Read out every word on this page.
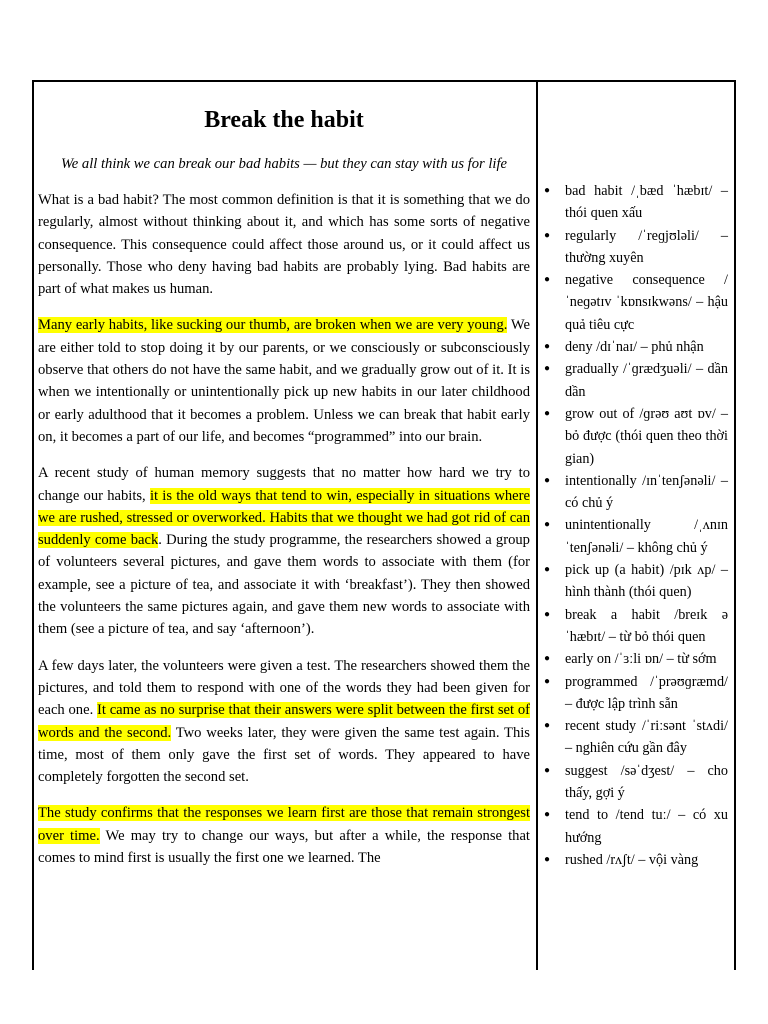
Break the habit
We all think we can break our bad habits — but they can stay with us for life
What is a bad habit? The most common definition is that it is something that we do regularly, almost without thinking about it, and which has some sorts of negative consequence. This consequence could affect those around us, or it could affect us personally. Those who deny having bad habits are probably lying. Bad habits are part of what makes us human.
Many early habits, like sucking our thumb, are broken when we are very young. We are either told to stop doing it by our parents, or we consciously or subconsciously observe that others do not have the same habit, and we gradually grow out of it. It is when we intentionally or unintentionally pick up new habits in our later childhood or early adulthood that it becomes a problem. Unless we can break that habit early on, it becomes a part of our life, and becomes “programmed” into our brain.
A recent study of human memory suggests that no matter how hard we try to change our habits, it is the old ways that tend to win, especially in situations where we are rushed, stressed or overworked. Habits that we thought we had got rid of can suddenly come back. During the study programme, the researchers showed a group of volunteers several pictures, and gave them words to associate with them (for example, see a picture of tea, and associate it with ‘breakfast’). They then showed the volunteers the same pictures again, and gave them new words to associate with them (see a picture of tea, and say ‘afternoon’).
A few days later, the volunteers were given a test. The researchers showed them the pictures, and told them to respond with one of the words they had been given for each one. It came as no surprise that their answers were split between the first set of words and the second. Two weeks later, they were given the same test again. This time, most of them only gave the first set of words. They appeared to have completely forgotten the second set.
The study confirms that the responses we learn first are those that remain strongest over time. We may try to change our ways, but after a while, the response that comes to mind first is usually the first one we learned. The
● bad habit /ˌbæd ˈhæbɪt/ – thói quen xấu
● regularly /ˈreɡjʊləli/ – thường xuyên
● negative consequence /ˈneɡətɪv ˈkɒnsɪkwəns/ – hậu quả tiêu cực
● deny /dɪˈnaɪ/ – phủ nhận
● gradually /ˈɡrædʒuəli/ – dần dần
● grow out of /ɡrəʊ aʊt ɒv/ – bỏ được (thói quen theo thời gian)
● intentionally /ɪnˈtenʃənəli/ – có chủ ý
● unintentionally /ˌʌnɪnˈtenʃənəli/ – không chủ ý
● pick up (a habit) /pɪk ʌp/ – hình thành (thói quen)
● break a habit /breɪk ə ˈhæbɪt/ – từ bỏ thói quen
● early on /ˈɜːli ɒn/ – từ sớm
● programmed /ˈprəʊɡræmd/ – được lập trình sẵn
● recent study /ˈriːsənt ˈstʌdi/ – nghiên cứu gần đây
● suggest /səˈdʒest/ – cho thấy, gợi ý
● tend to /tend tuː/ – có xu hướng
● rushed /rʌʃt/ – vội vàng
